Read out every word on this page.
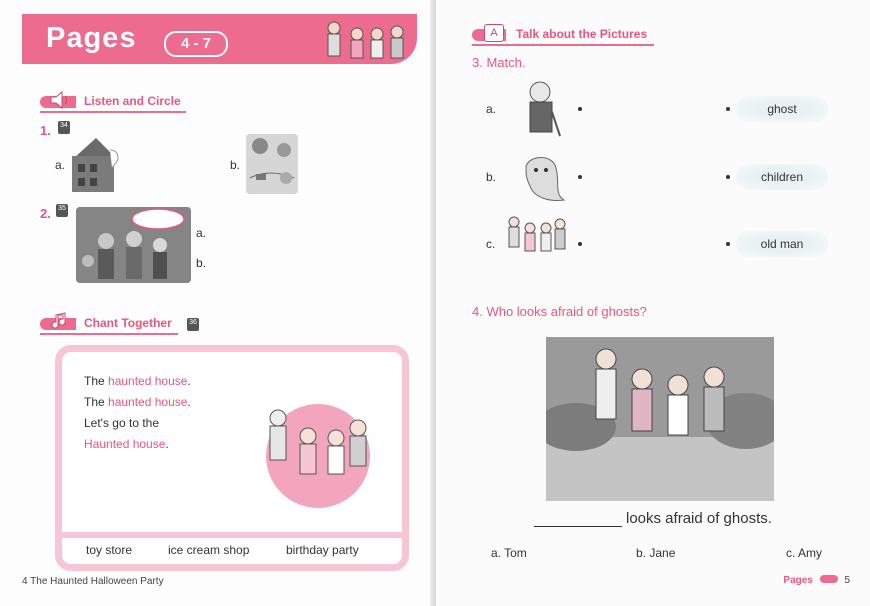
Pages	4 - 7
Listen and Circle
1. 34
a.	b.
2. 35
a.
b.
Chant Together 36
The haunted house.
The haunted house.
Let's go to the
Haunted house.
toy store	ice cream shop	birthday party
4 The Haunted Halloween Party
A	Talk about the Pictures
3. Match.
a.	ghost
b.	children
c.	old man
4. Who looks afraid of ghosts?
looks afraid of ghosts.
a. Tom	b. Jane	c. Amy
Pages	5
